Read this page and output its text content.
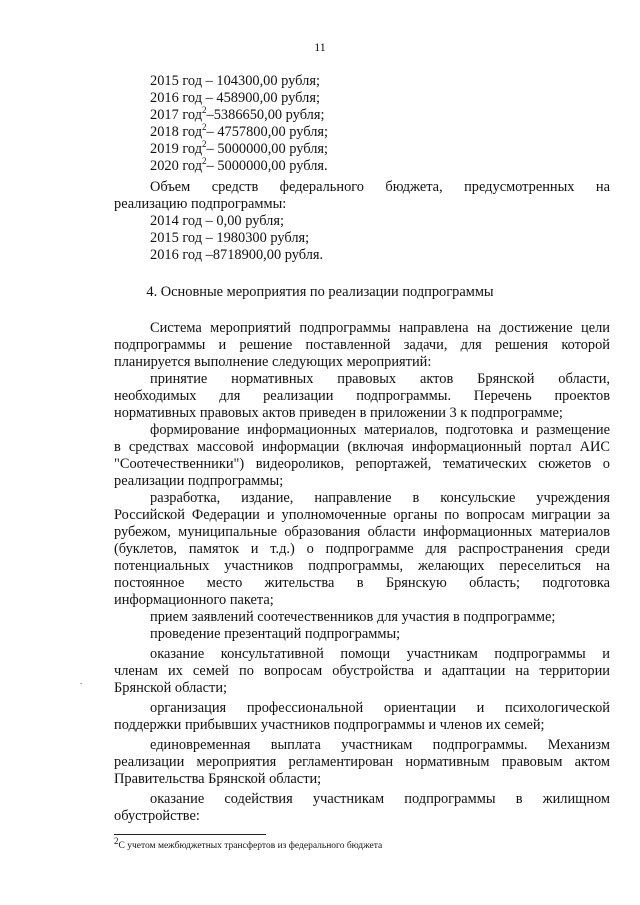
11
2015 год – 104300,00 рубля;
2016 год – 458900,00 рубля;
2017 год$^2$–5386650,00 рубля;
2018 год$^2$– 4757800,00 рубля;
2019 год$^2$– 5000000,00 рубля;
2020 год$^2$– 5000000,00 рубля.
Объем средств федерального бюджета, предусмотренных на
реализацию подпрограммы:
2014 год – 0,00 рубля;
2015 год – 1980300 рубля;
2016 год –8718900,00 рубля.
4. Основные мероприятия по реализации подпрограммы
Система мероприятий подпрограммы направлена на достижение цели
подпрограммы и решение поставленной задачи, для решения которой
планируется выполнение следующих мероприятий:
принятие нормативных правовых актов Брянской области,
необходимых для реализации подпрограммы. Перечень проектов
нормативных правовых актов приведен в приложении 3 к подпрограмме;
формирование информационных материалов, подготовка и размещение
в средствах массовой информации (включая информационный портал АИС
"Соотечественники") видеороликов, репортажей, тематических сюжетов о
реализации подпрограммы;
разработка, издание, направление в консульские учреждения
Российской Федерации и уполномоченные органы по вопросам миграции за
рубежом, муниципальные образования области информационных материалов
(буклетов, памяток и т.д.) о подпрограмме для распространения среди
потенциальных участников подпрограммы, желающих переселиться на
постоянное место жительства в Брянскую область; подготовка
информационного пакета;
прием заявлений соотечественников для участия в подпрограмме;
проведение презентаций подпрограммы;
оказание консультативной помощи участникам подпрограммы и
членам их семей по вопросам обустройства и адаптации на территории
Брянской области;
организация профессиональной ориентации и психологической
поддержки прибывших участников подпрограммы и членов их семей;
единовременная выплата участникам подпрограммы. Механизм
реализации мероприятия регламентирован нормативным правовым актом
Правительства Брянской области;
оказание содействия участникам подпрограммы в жилищном
обустройстве:
.
$^2$С учетом межбюджетных трансфертов из федерального бюджета
